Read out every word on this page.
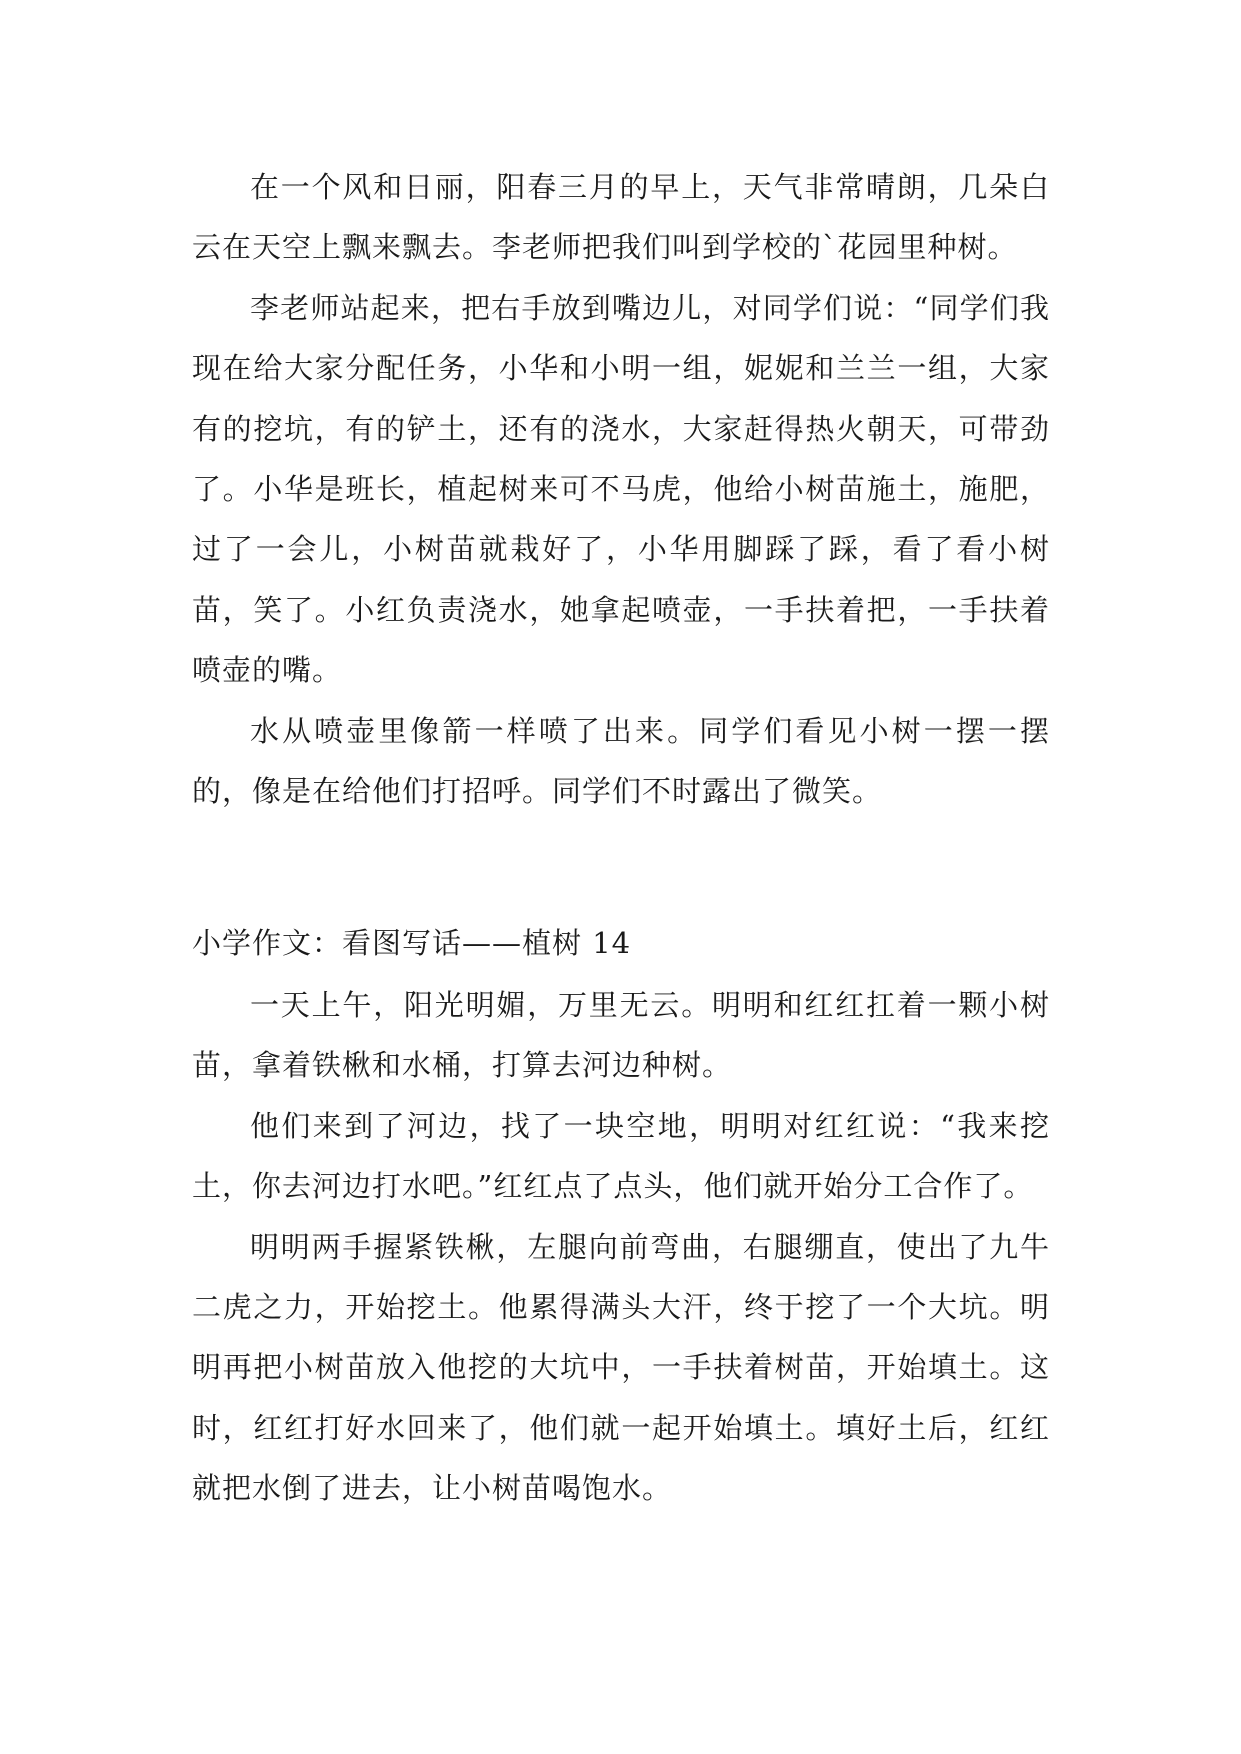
在一个风和日丽，阳春三月的早上，天气非常晴朗，几朵白云在天空上飘来飘去。李老师把我们叫到学校的`花园里种树。

李老师站起来，把右手放到嘴边儿，对同学们说：“同学们我现在给大家分配任务，小华和小明一组，妮妮和兰兰一组，大家有的挖坑，有的铲土，还有的浇水，大家赶得热火朝天，可带劲了。小华是班长，植起树来可不马虎，他给小树苗施土，施肥，过了一会儿，小树苗就栽好了，小华用脚踩了踩，看了看小树苗，笑了。小红负责浇水，她拿起喷壶，一手扶着把，一手扶着喷壶的嘴。

水从喷壶里像箭一样喷了出来。同学们看见小树一摆一摆的，像是在给他们打招呼。同学们不时露出了微笑。

小学作文：看图写话——植树 14

一天上午，阳光明媚，万里无云。明明和红红扛着一颗小树苗，拿着铁楸和水桶，打算去河边种树。

他们来到了河边，找了一块空地，明明对红红说：“我来挖土，你去河边打水吧。”红红点了点头，他们就开始分工合作了。

明明两手握紧铁楸，左腿向前弯曲，右腿绷直，使出了九牛二虎之力，开始挖土。他累得满头大汗，终于挖了一个大坑。明明再把小树苗放入他挖的大坑中，一手扶着树苗，开始填土。这时，红红打好水回来了，他们就一起开始填土。填好土后，红红就把水倒了进去，让小树苗喝饱水。
